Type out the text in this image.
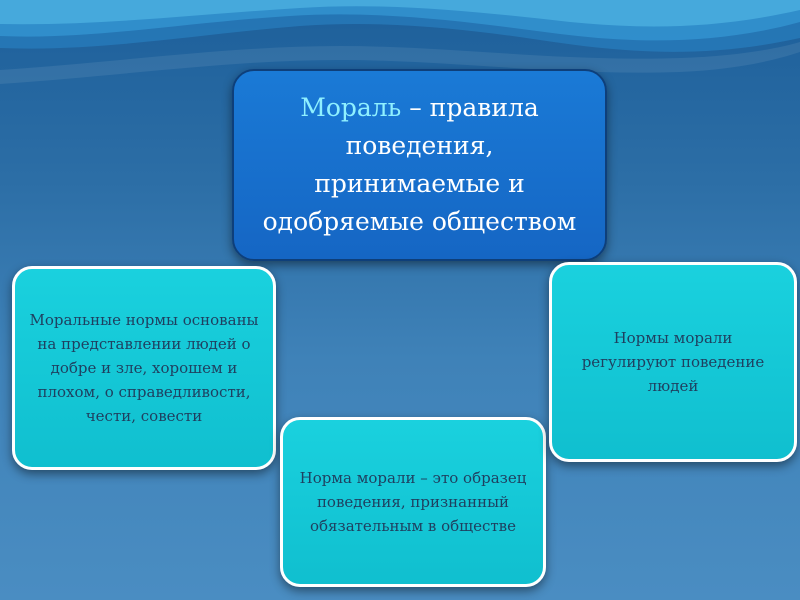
Мораль – правила поведения, принимаемые и одобряемые обществом
Моральные нормы основаны на представлении людей о добре и зле, хорошем и плохом, о справедливости, чести, совести
Норма морали – это образец поведения, признанный обязательным в обществе
Нормы морали регулируют поведение людей
